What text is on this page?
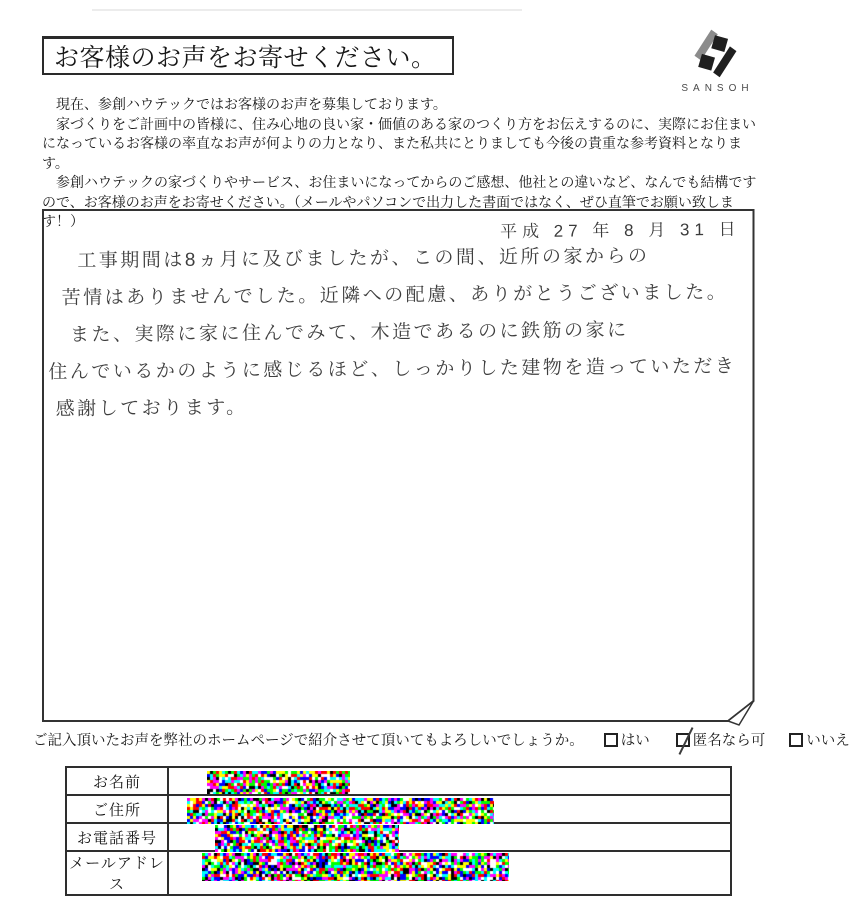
お客様のお声をお寄せください。
SANSOH

現在、参創ハウテックではお客様のお声を募集しております。

家づくりをご計画中の皆様に、住み心地の良い家・価値のある家のつくり方をお伝えするのに、実際にお住まいになっているお客様の率直なお声が何よりの力となり、また私共にとりましても今後の貴重な参考資料となります。

参創ハウテックの家づくりやサービス、お住まいになってからのご感想、他社との違いなど、なんでも結構ですので、お客様のお声をお寄せください。（メールやパソコンで出力した書面ではなく、ぜひ直筆でお願い致します！）	平成 27 年 8 月 31 日
工事期間は8ヵ月に及びましたが、この間、近所の家からの
苦情はありませんでした。近隣への配慮、ありがとうございました。
また、実際に家に住んでみて、木造であるのに鉄筋の家に
住んでいるかのように感じるほど、しっかりした建物を造っていただき
感謝しております。
ご記入頂いたお声を弊社のホームページで紹介させて頂いてもよろしいでしょうか。	はい	匿名なら可	いいえ
お名前	

ご住所	

お電話番号	

メールアドレス	
